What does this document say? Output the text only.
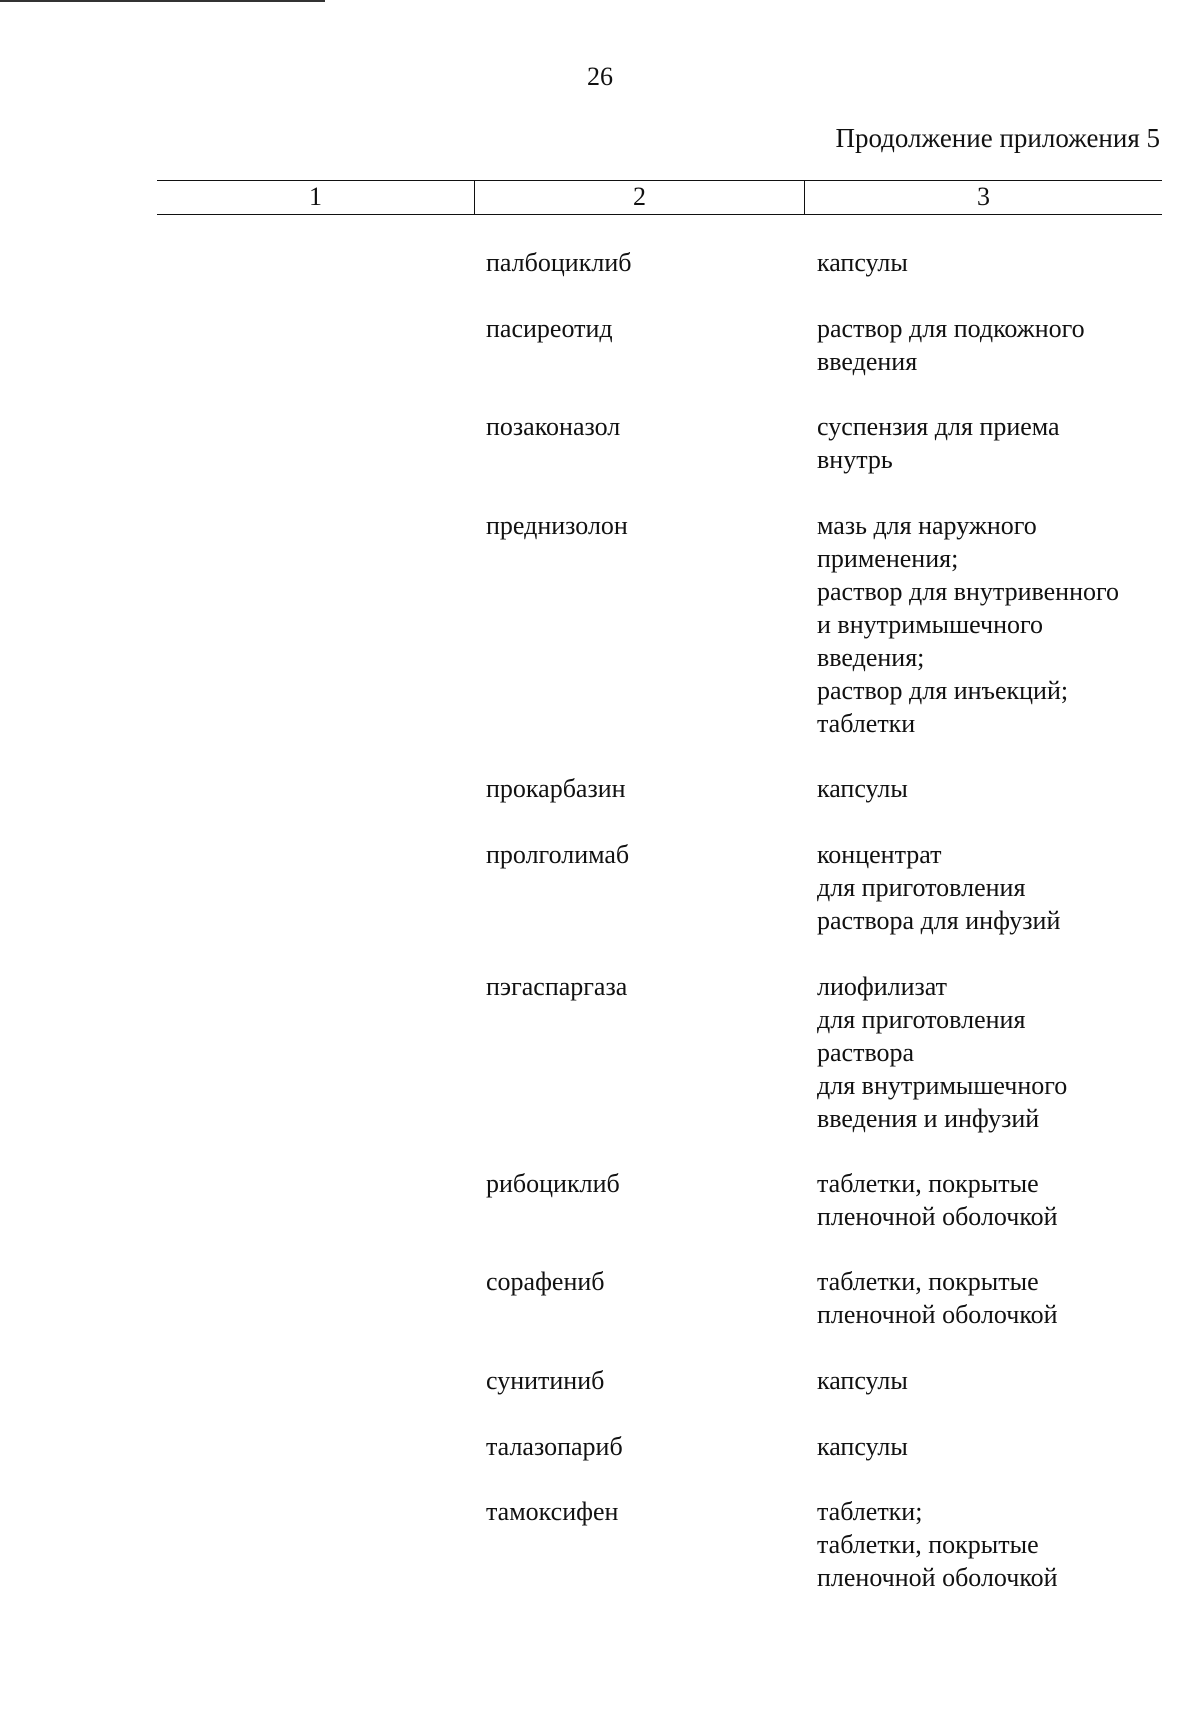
26
Продолжение приложения 5
1	2	3
палбоциклиб	капсулы
пасиреотид	раствор для подкожного
введения
позаконазол	суспензия для приема
внутрь
преднизолон	мазь для наружного
применения;
раствор для внутривенного
и внутримышечного
введения;
раствор для инъекций;
таблетки
прокарбазин	капсулы
пролголимаб	концентрат
для приготовления
раствора для инфузий
пэгаспаргаза	лиофилизат
для приготовления
раствора
для внутримышечного
введения и инфузий
рибоциклиб	таблетки, покрытые
пленочной оболочкой
сорафениб	таблетки, покрытые
пленочной оболочкой
сунитиниб	капсулы
талазопариб	капсулы
тамоксифен	таблетки;
таблетки, покрытые
пленочной оболочкой
